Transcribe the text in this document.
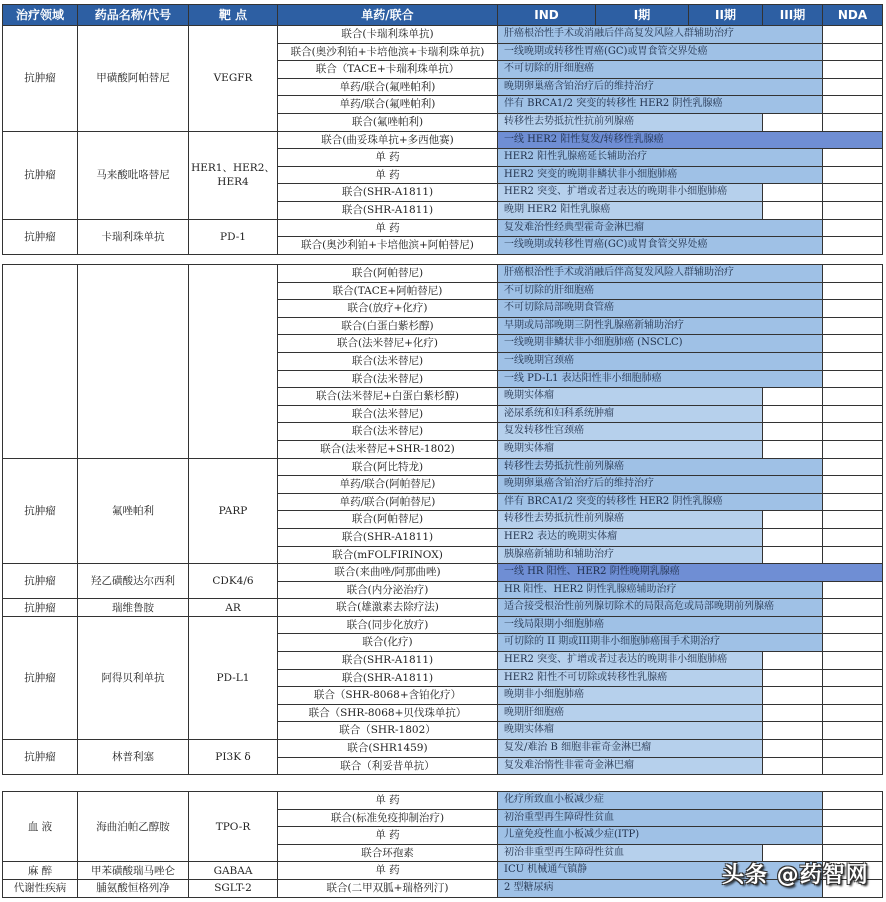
治疗领域	药品名称/代号	靶 点	单药/联合	IND	I期	II期	III期	NDA
抗肿瘤	甲磺酸阿帕替尼	VEGFR	联合(卡瑞利珠单抗)	肝癌根治性手术或消融后伴高复发风险人群辅助治疗				

			联合(奥沙利铂+卡培他滨+卡瑞利珠单抗)	一线晚期或转移性胃癌(GC)或胃食管交界处癌				

			联合（TACE+卡瑞利珠单抗）	不可切除的肝细胞癌				

			单药/联合(氟唑帕利)	晚期卵巢癌含铂治疗后的维持治疗				

			单药/联合(氟唑帕利)	伴有 BRCA1/2 突变的转移性 HER2 阴性乳腺癌				

			联合(氟唑帕利)	转移性去势抵抗性抗前列腺癌				

抗肿瘤	马来酸吡咯替尼	HER1、HER2、HER4	联合(曲妥珠单抗+多西他赛)	一线 HER2 阳性复发/转移性乳腺癌				

			单 药	HER2 阳性乳腺癌延长辅助治疗				

			单 药	HER2 突变的晚期非鳞状非小细胞肺癌				

			联合(SHR-A1811)	HER2 突变、扩增或者过表达的晚期非小细胞肺癌				

			联合(SHR-A1811)	晚期 HER2 阳性乳腺癌				

抗肿瘤	卡瑞利珠单抗	PD-1	单 药	复发难治性经典型霍奇金淋巴瘤				

			联合(奥沙利铂+卡培他滨+阿帕替尼)	一线晚期或转移性胃癌(GC)或胃食管交界处癌				

			联合(阿帕替尼)	肝癌根治性手术或消融后伴高复发风险人群辅助治疗		

			联合(TACE+阿帕替尼)	不可切除的肝细胞癌		

			联合(放疗+化疗)	不可切除局部晚期食管癌		

			联合(白蛋白紫杉醇)	早期或局部晚期三阴性乳腺癌新辅助治疗		

			联合(法米替尼+化疗)	一线晚期非鳞状非小细胞肺癌 (NSCLC)		

			联合(法米替尼)	一线晚期宫颈癌		

			联合(法米替尼)	一线 PD-L1 表达阳性非小细胞肺癌		

			联合(法米替尼+白蛋白紫杉醇)	晚期实体瘤		

			联合(法米替尼)	泌尿系统和妇科系统肿瘤		

			联合(法米替尼)	复发转移性宫颈癌		

			联合(法米替尼+SHR-1802)	晚期实体瘤		

抗肿瘤	氟唑帕利	PARP	联合(阿比特龙)	转移性去势抵抗性前列腺癌		

			单药/联合(阿帕替尼)	晚期卵巢癌含铂治疗后的维持治疗		

			单药/联合(阿帕替尼)	伴有 BRCA1/2 突变的转移性 HER2 阴性乳腺癌		

			联合(阿帕替尼)	转移性去势抵抗性前列腺癌		

			联合(SHR-A1811)	HER2 表达的晚期实体瘤		

			联合(mFOLFIRINOX)	胰腺癌新辅助和辅助治疗		

抗肿瘤	羟乙磺酸达尔西利	CDK4/6	联合(来曲唑/阿那曲唑)	一线 HR 阳性、HER2 阴性晚期乳腺癌		

			联合(内分泌治疗)	HR 阳性、HER2 阴性乳腺癌辅助治疗		

抗肿瘤	瑞维鲁胺	AR	联合(雄激素去除疗法)	适合接受根治性前列腺切除术的局限高危或局部晚期前列腺癌		

抗肿瘤	阿得贝利单抗	PD-L1	联合(同步化放疗)	一线局限期小细胞肺癌		

			联合(化疗)	可切除的 II 期或III期非小细胞肺癌围手术期治疗		

			联合(SHR-A1811)	HER2 突变、扩增或者过表达的晚期非小细胞肺癌		

			联合(SHR-A1811)	HER2 阳性不可切除或转移性乳腺癌		

			联合（SHR-8068+含铂化疗）	晚期非小细胞肺癌		

			联合（SHR-8068+贝伐珠单抗）	晚期肝细胞癌		

			联合（SHR-1802）	晚期实体瘤		

抗肿瘤	林普利塞	PI3K δ	联合(SHR1459)	复发/难治 B 细胞非霍奇金淋巴瘤		

			联合（利妥昔单抗）	复发难治惰性非霍奇金淋巴瘤		

血 液	海曲泊帕乙醇胺	TPO-R	单 药	化疗所致血小板减少症		

			联合(标准免疫抑制治疗)	初治重型再生障碍性贫血		

			单 药	儿童免疫性血小板减少症(ITP)		

			联合环孢素	初治非重型再生障碍性贫血		

麻 醉	甲苯磺酸瑞马唑仑	GABAA	单 药	ICU 机械通气镇静		

代谢性疾病	脯氨酸恒格列净	SGLT-2	联合(二甲双胍+瑞格列汀)	2 型糖尿病		
		头条 @药智网
